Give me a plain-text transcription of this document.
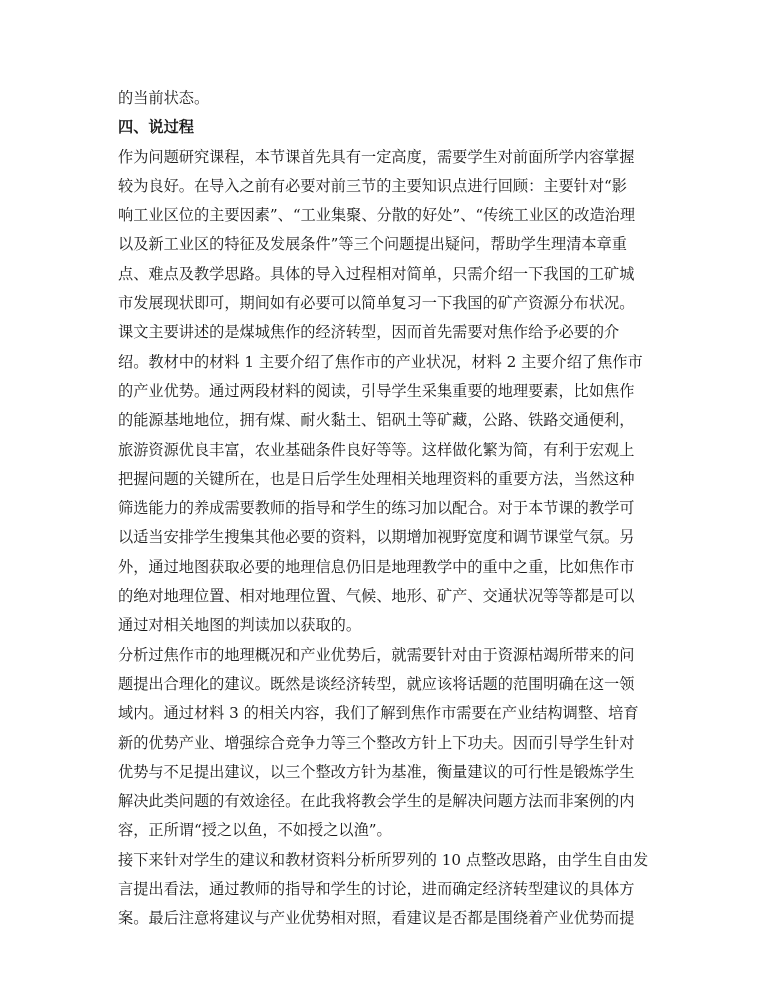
的当前状态。
四、说过程
作为问题研究课程，本节课首先具有一定高度，需要学生对前面所学内容掌握
较为良好。在导入之前有必要对前三节的主要知识点进行回顾：主要针对“影
响工业区位的主要因素”、“工业集聚、分散的好处”、“传统工业区的改造治理
以及新工业区的特征及发展条件”等三个问题提出疑问，帮助学生理清本章重
点、难点及教学思路。具体的导入过程相对简单，只需介绍一下我国的工矿城
市发展现状即可，期间如有必要可以简单复习一下我国的矿产资源分布状况。
课文主要讲述的是煤城焦作的经济转型，因而首先需要对焦作给予必要的介
绍。教材中的材料 1 主要介绍了焦作市的产业状况，材料 2 主要介绍了焦作市
的产业优势。通过两段材料的阅读，引导学生采集重要的地理要素，比如焦作
的能源基地地位，拥有煤、耐火黏土、铝矾土等矿藏，公路、铁路交通便利，
旅游资源优良丰富，农业基础条件良好等等。这样做化繁为简，有利于宏观上
把握问题的关键所在，也是日后学生处理相关地理资料的重要方法，当然这种
筛选能力的养成需要教师的指导和学生的练习加以配合。对于本节课的教学可
以适当安排学生搜集其他必要的资料，以期增加视野宽度和调节课堂气氛。另
外，通过地图获取必要的地理信息仍旧是地理教学中的重中之重，比如焦作市
的绝对地理位置、相对地理位置、气候、地形、矿产、交通状况等等都是可以
通过对相关地图的判读加以获取的。
分析过焦作市的地理概况和产业优势后，就需要针对由于资源枯竭所带来的问
题提出合理化的建议。既然是谈经济转型，就应该将话题的范围明确在这一领
域内。通过材料 3 的相关内容，我们了解到焦作市需要在产业结构调整、培育
新的优势产业、增强综合竞争力等三个整改方针上下功夫。因而引导学生针对
优势与不足提出建议，以三个整改方针为基准，衡量建议的可行性是锻炼学生
解决此类问题的有效途径。在此我将教会学生的是解决问题方法而非案例的内
容，正所谓“授之以鱼，不如授之以渔”。
接下来针对学生的建议和教材资料分析所罗列的 10 点整改思路，由学生自由发
言提出看法，通过教师的指导和学生的讨论，进而确定经济转型建议的具体方
案。最后注意将建议与产业优势相对照，看建议是否都是围绕着产业优势而提
